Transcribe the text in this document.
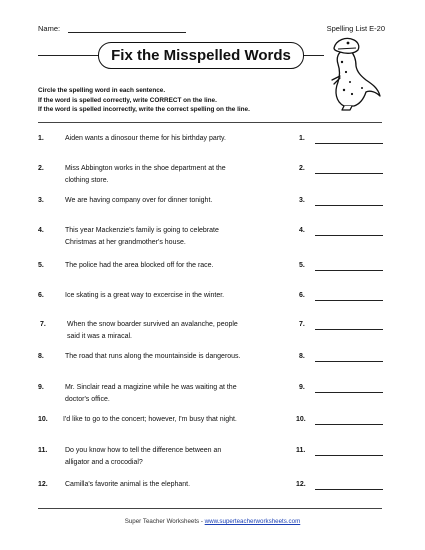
Name:	Spelling List E-20
Fix the Misspelled Words
Circle the spelling word in each sentence.
If the word is spelled correctly, write CORRECT on the line.
If the word is spelled incorrectly, write the correct spelling on the line.
1.	Aiden wants a dinosour theme for his birthday party.	1.
2.	Miss Abbington works in the shoe department at the
clothing store.
2.
3.	We are having company over for dinner tonight.	3.
4.	This year Mackenzie's family is going to celebrate
Christmas at her grandmother's house.
4.
5.	The police had the area blocked off for the race.	5.
6.	Ice skating is a great way to excercise in the winter.	6.
7.	When the snow boarder survived an avalanche, people
said it was a miracal.
7.
8.	The road that runs along the mountainside is dangerous.	8.
9.	Mr. Sinclair read a magizine while he was waiting at the
doctor's office.
9.
10. I'd like to go to the concert; however, I'm busy that night.	10.
11.	Do you know how to tell the difference between an
alligator and a crocodial?
11.
12. Camilla's favorite animal is the elephant.	12.
Super Teacher Worksheets - www.superteacherworksheets.com
